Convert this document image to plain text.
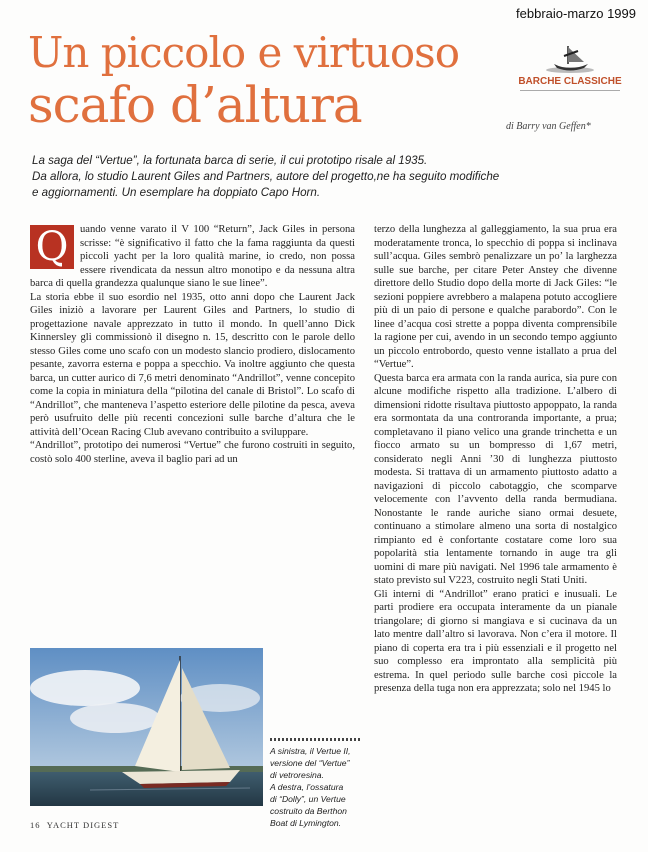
febbraio-marzo 1999
Un piccolo e virtuoso
scafo d’altura	BARCHE CLASSICHE
di Barry van Geffen*
La saga del “Vertue”, la fortunata barca di serie, il cui prototipo risale al 1935.
Da allora, lo studio Laurent Giles and Partners, autore del progetto,ne ha seguito modifiche
e aggiornamenti. Un esemplare ha doppiato Capo Horn.
Q	uando venne varato il V 100 “Return”, Jack Giles in persona scrisse: “è significativo il fatto che la fama raggiunta da questi piccoli yacht per la loro qualità marine, io credo, non possa essere rivendicata da nessun altro monotipo e da nessuna altra barca di quella grandezza qualunque siano le sue linee”.

La storia ebbe il suo esordio nel 1935, otto anni dopo che Laurent Jack Giles iniziò a lavorare per Laurent Giles and Partners, lo studio di progettazione navale apprezzato in tutto il mondo. In quell’anno Dick Kinnersley gli commissionò il disegno n. 15, descritto con le parole dello stesso Giles come uno scafo con un modesto slancio prodiero, dislocamento pesante, zavorra esterna e poppa a specchio. Va inoltre aggiunto che questa barca, un cutter aurico di 7,6 metri denominato “Andrillot”, venne concepito come la copia in miniatura della “pilotina del canale di Bristol”. Lo scafo di “Andrillot”, che manteneva l’aspetto esteriore delle pilotine da pesca, aveva però usufruito delle più recenti concezioni sulle barche d’altura che le attività dell’Ocean Racing Club avevano contribuito a sviluppare.

“Andrillot”, prototipo dei numerosi “Vertue” che furono costruiti in seguito, costò solo 400 sterline, aveva il baglio pari ad un

terzo della lunghezza al galleggiamento, la sua prua era moderatamente tronca, lo specchio di poppa si inclinava sull’acqua. Giles sembrò penalizzare un po’ la larghezza sulle sue barche, per citare Peter Anstey che divenne direttore dello Studio dopo della morte di Jack Giles: “le sezioni poppiere avrebbero a malapena potuto accogliere più di un paio di persone e qualche parabordo”. Con le linee d’acqua così strette a poppa diventa comprensibile la ragione per cui, avendo in un secondo tempo aggiunto un piccolo entrobordo, questo venne istallato a prua del “Vertue”.

Questa barca era armata con la randa aurica, sia pure con alcune modifiche rispetto alla tradizione. L’albero di dimensioni ridotte risultava piuttosto appoppato, la randa era sormontata da una controranda importante, a prua; completavano il piano velico una grande trinchetta e un fiocco armato su un bompresso di 1,67 metri, considerato negli Anni ’30 di lunghezza piuttosto modesta. Si trattava di un armamento piuttosto adatto a navigazioni di piccolo cabotaggio, che scomparve velocemente con l’avvento della randa bermudiana. Nonostante le rande auriche siano ormai desuete, continuano a stimolare almeno una sorta di nostalgico rimpianto ed è confortante costatare come loro sua popolarità stia lentamente tornando in auge tra gli uomini di mare più navigati. Nel 1996 tale armamento è stato previsto sul V223, costruito negli Stati Uniti.

Gli interni di “Andrillot” erano pratici e inusuali. Le parti prodiere era occupata interamente da un pianale triangolare; di giorno si mangiava e si cucinava da un lato mentre dall’altro si lavorava. Non c’era il motore. Il piano di coperta era tra i più essenziali e il progetto nel suo complesso era improntato alla semplicità più estrema. In quel periodo sulle barche così piccole la presenza della tuga non era apprezzata; solo nel 1945 lo

A sinistra, il Vertue II,
versione del “Vertue”
di vetroresina.
A destra, l’ossatura
di “Dolly”, un Vertue
costruito da Berthon
Boat di Lymington.
16 YACHT DIGEST
